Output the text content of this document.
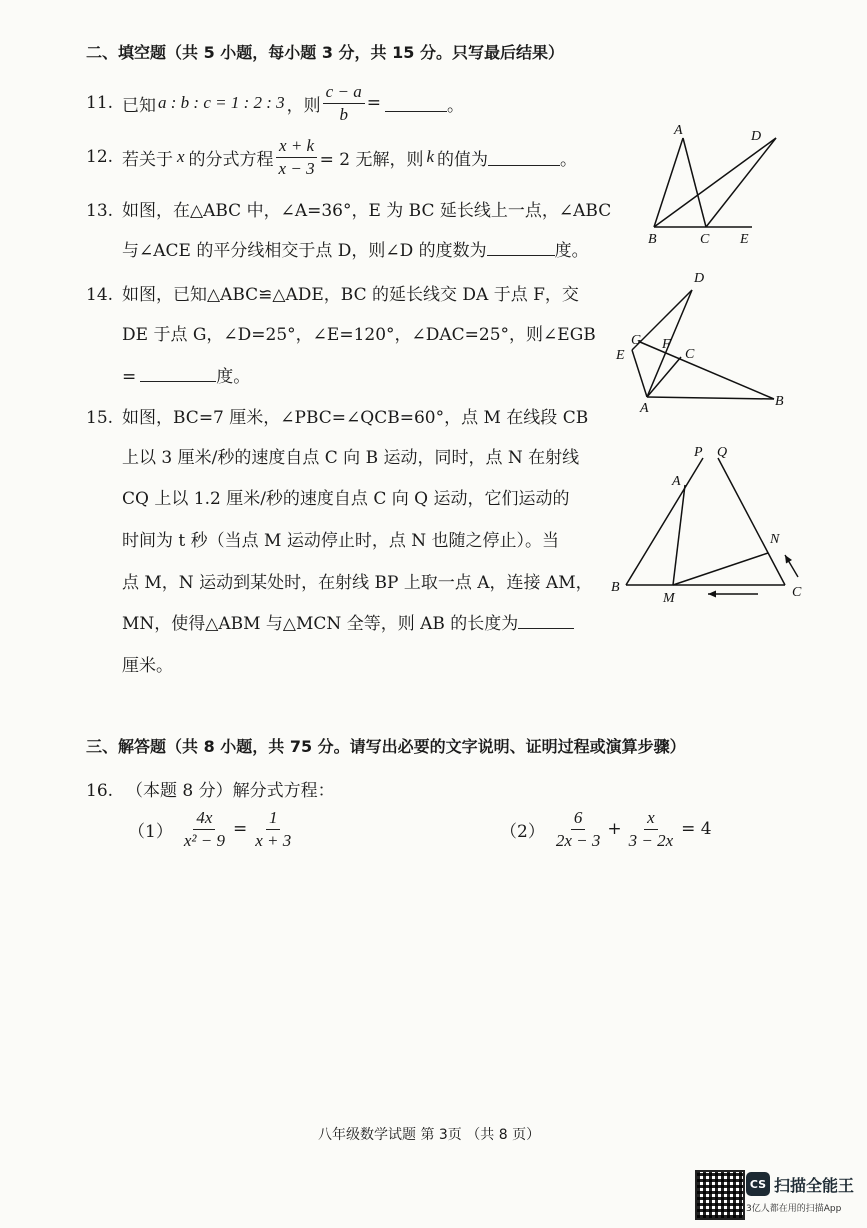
二、填空题（共 5 小题，每小题 3 分，共 15 分。只写最后结果）
11. 已知 a : b : c = 1 : 2 : 3 ，则 $\frac{c - a}{b}$ =	。
12. 若关于 x 的分式方程 $\frac{x + k}{x - 3} = 2$ 无解，则 k 的值为	。
13. 如图，在△ABC 中，∠A=36°，E 为 BC 延长线上一点，∠ABC
与∠ACE 的平分线相交于点 D，则∠D 的度数为	度。
A	D
B	C E
14. 如图，已知△ABC≌△ADE，BC 的延长线交 DA 于点 F，交
DE 于点 G，∠D=25°，∠E=120°，∠DAC=25°，则∠EGB
=	度。
D
G F
E	C
A	B
15. 如图，BC=7 厘米，∠PBC=∠QCB=60°，点 M 在线段 CB
上以 3 厘米/秒的速度自点 C 向 B 运动，同时，点 N 在射线
CQ 上以 1.2 厘米/秒的速度自点 C 向 Q 运动，它们运动的
时间为 t 秒（当点 M 运动停止时，点 N 也随之停止）。当
点 M，N 运动到某处时，在射线 BP 上取一点 A，连接 AM，
MN，使得△ABM 与△MCN 全等，则 AB 的长度为
厘米。
P Q
A
N
B
M	C
三、解答题（共 8 小题，共 75 分。请写出必要的文字说明、证明过程或演算步骤）
16. （本题 8 分）解分式方程：
$(1) \frac{4x}{\text{x² − 9}} = \frac{1}{x + 3}$	$(2) \frac{6}{2x - 3} + \frac{x}{3 - 2x} = 4$
八年级数学试题 第 3页 （共 8 页）
CS 扫描全能王
3亿人都在用的扫描App
